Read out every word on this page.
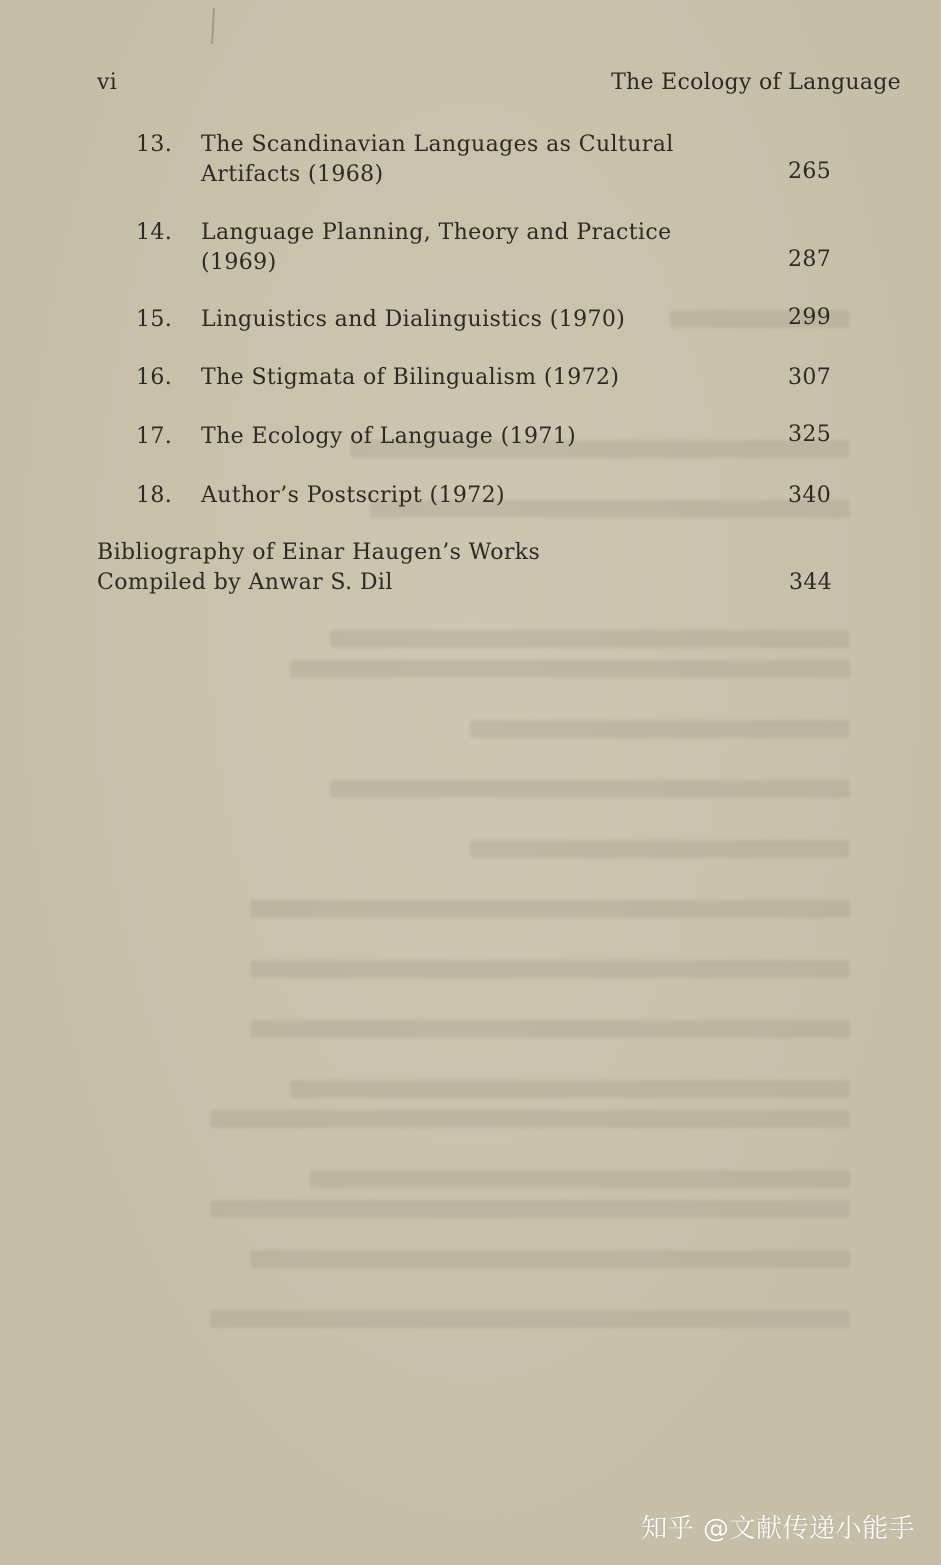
vi	The Ecology of Language
13. The Scandinavian Languages as Cultural
Artifacts (1968)	265
14. Language Planning, Theory and Practice
(1969)	287
15. Linguistics and Dialinguistics (1970)	299
16. The Stigmata of Bilingualism (1972)	307
17. The Ecology of Language (1971)	325
18. Author’s Postscript (1972)	340
Bibliography of Einar Haugen’s Works
Compiled by Anwar S. Dil	344
知乎 @文献传递小能手
